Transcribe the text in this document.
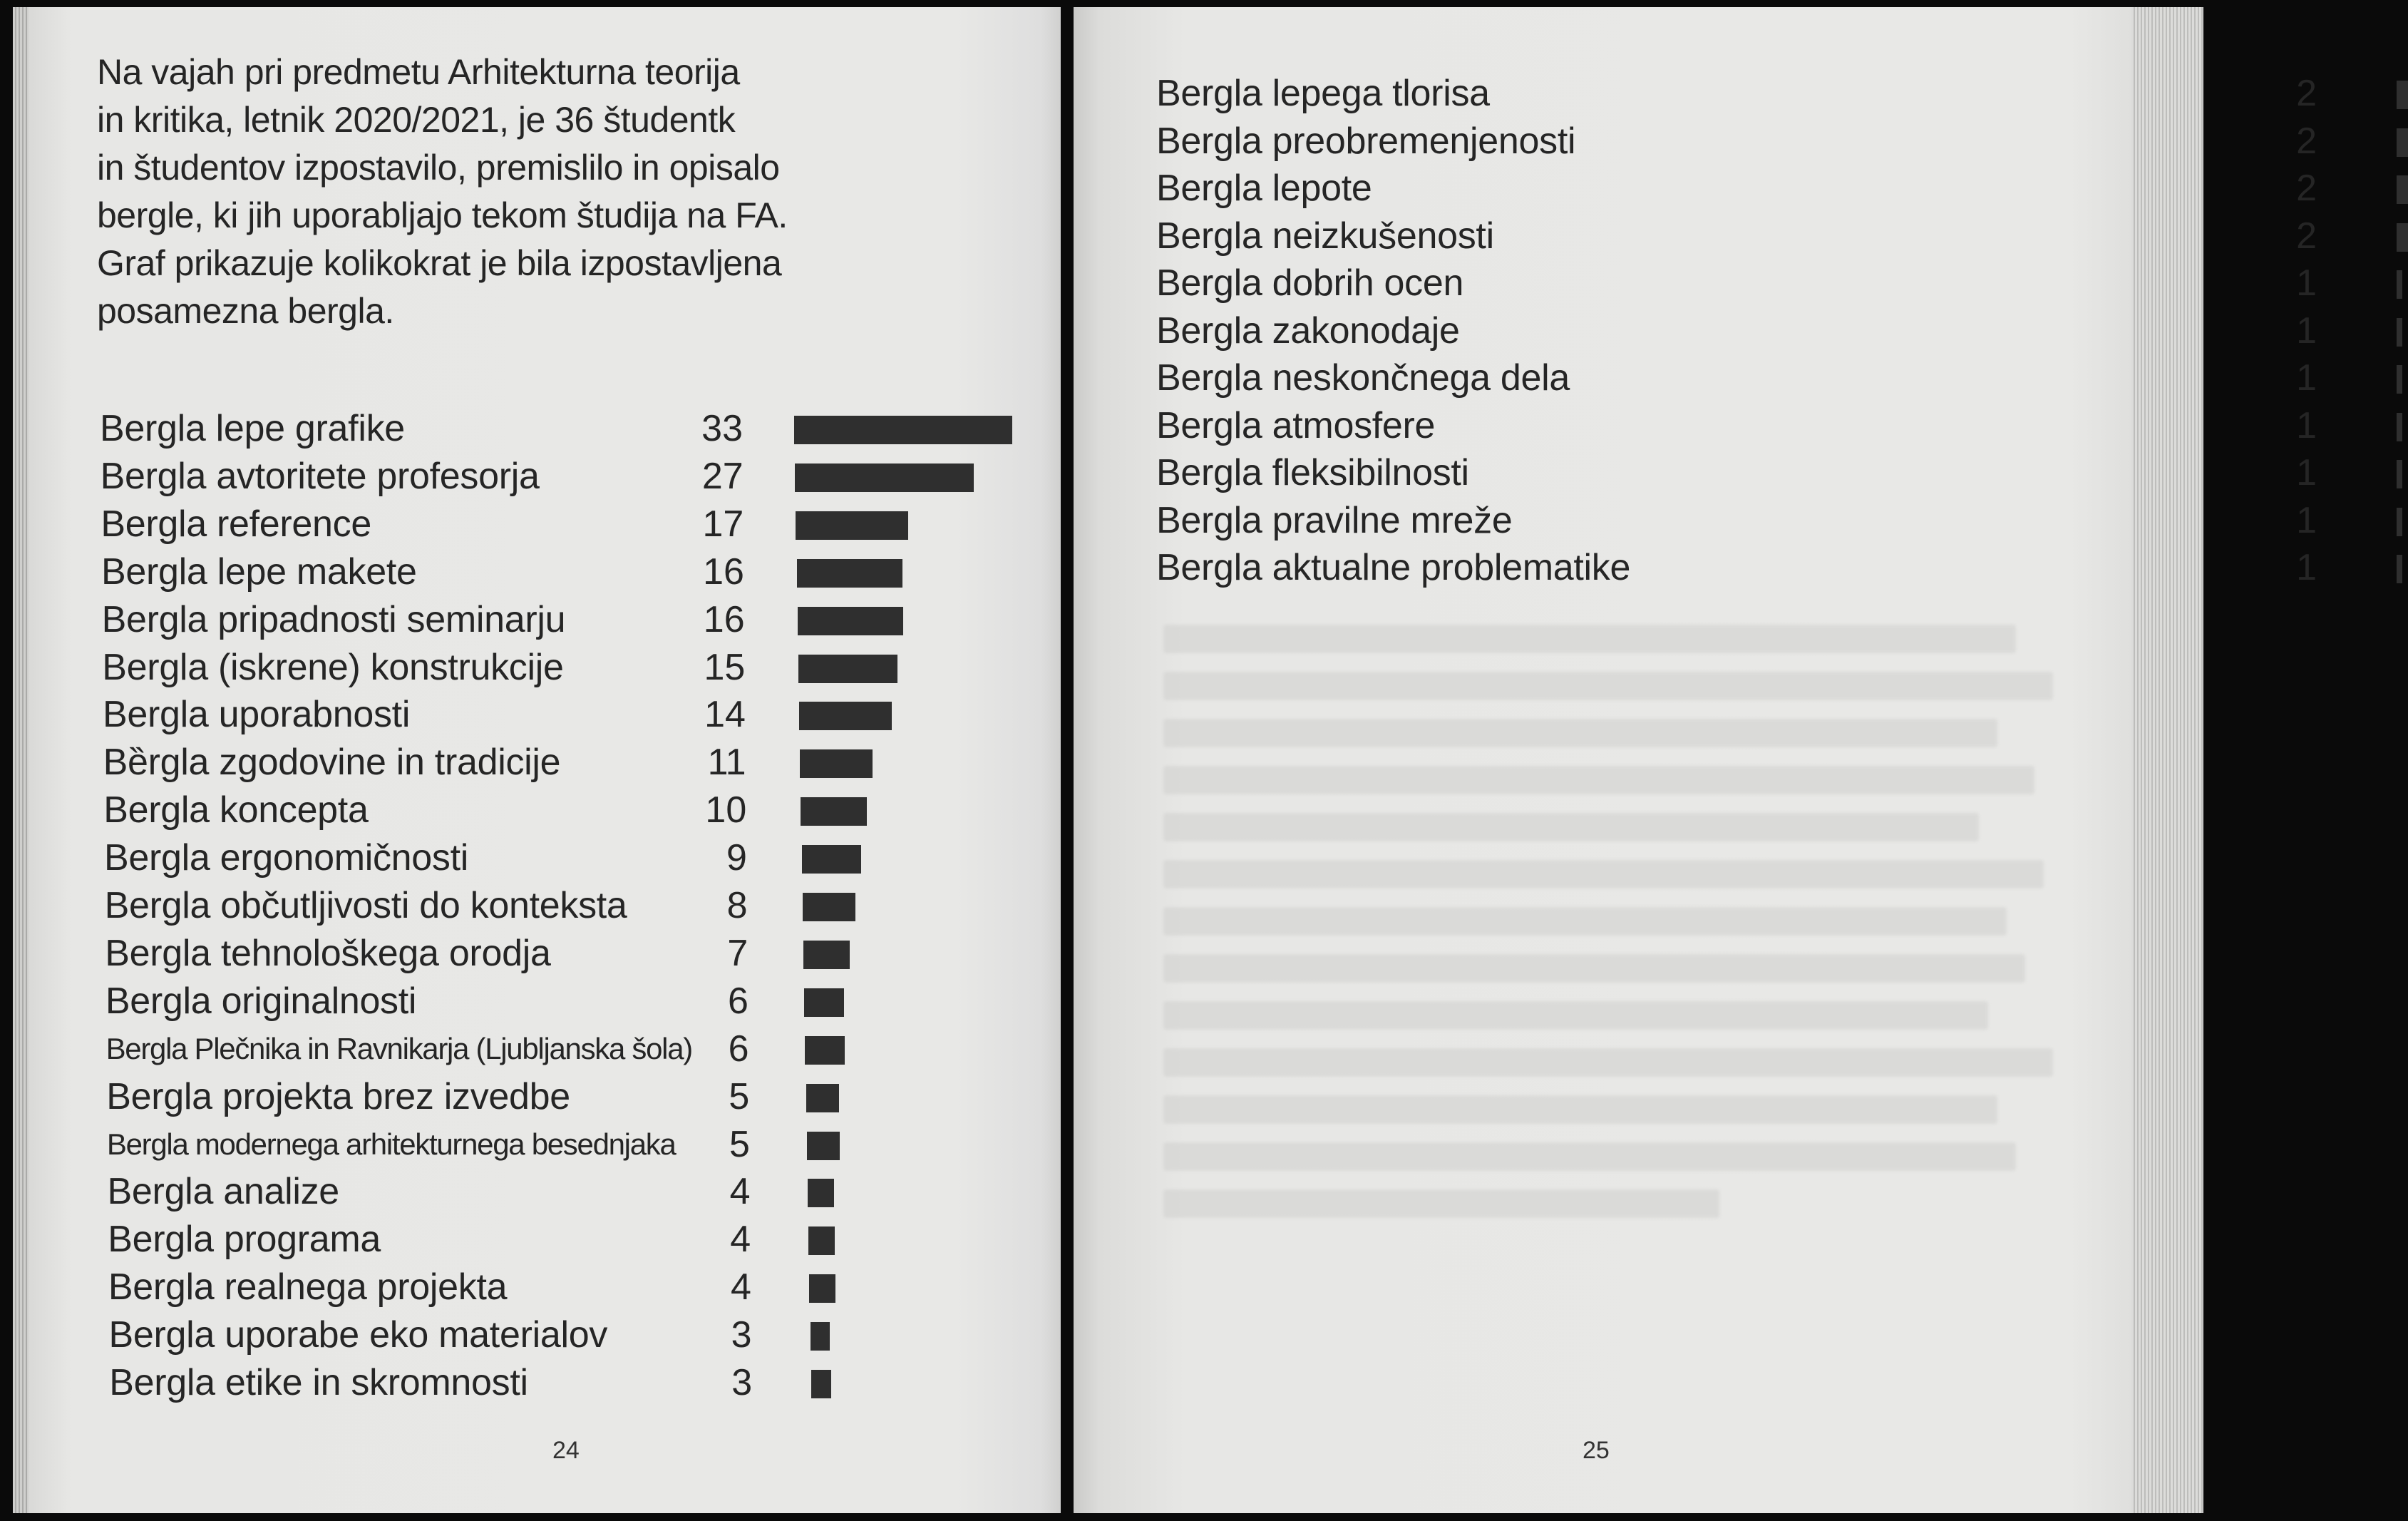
Na vajah pri predmetu Arhitekturna teorija
in kritika, letnik 2020/2021, je 36 študentk
in študentov izpostavilo, premislilo in opisalo
bergle, ki jih uporabljajo tekom študija na FA.
Graf prikazuje kolikokrat je bila izpostavljena
posamezna bergla.

Bergla lepe grafike	33
Bergla avtoritete profesorja	27
Bergla reference	17
Bergla lepe makete	16
Bergla pripadnosti seminarju	16
Bergla (iskrene) konstrukcije	15
Bergla uporabnosti	14
Bȅrgla zgodovine in tradicije	11
Bergla koncepta	10
Bergla ergonomičnosti	9
Bergla občutljivosti do konteksta	8
Bergla tehnološkega orodja	7
Bergla originalnosti	6
Bergla Plečnika in Ravnikarja (Ljubljanska šola) 6
Bergla projekta brez izvedbe	5
Bergla modernega arhitekturnega besednjaka	5
Bergla analize	4
Bergla programa	4
Bergla realnega projekta	4
Bergla uporabe eko materialov	3
Bergla etike in skromnosti	3
24
Bergla lepega tlorisa	2
Bergla preobremenjenosti	2
Bergla lepote	2
Bergla neizkušenosti	2
Bergla dobrih ocen	1
Bergla zakonodaje	1
Bergla neskončnega dela	1
Bergla atmosfere	1
Bergla fleksibilnosti	1
Bergla pravilne mreže	1
Bergla aktualne problematike	1
25
